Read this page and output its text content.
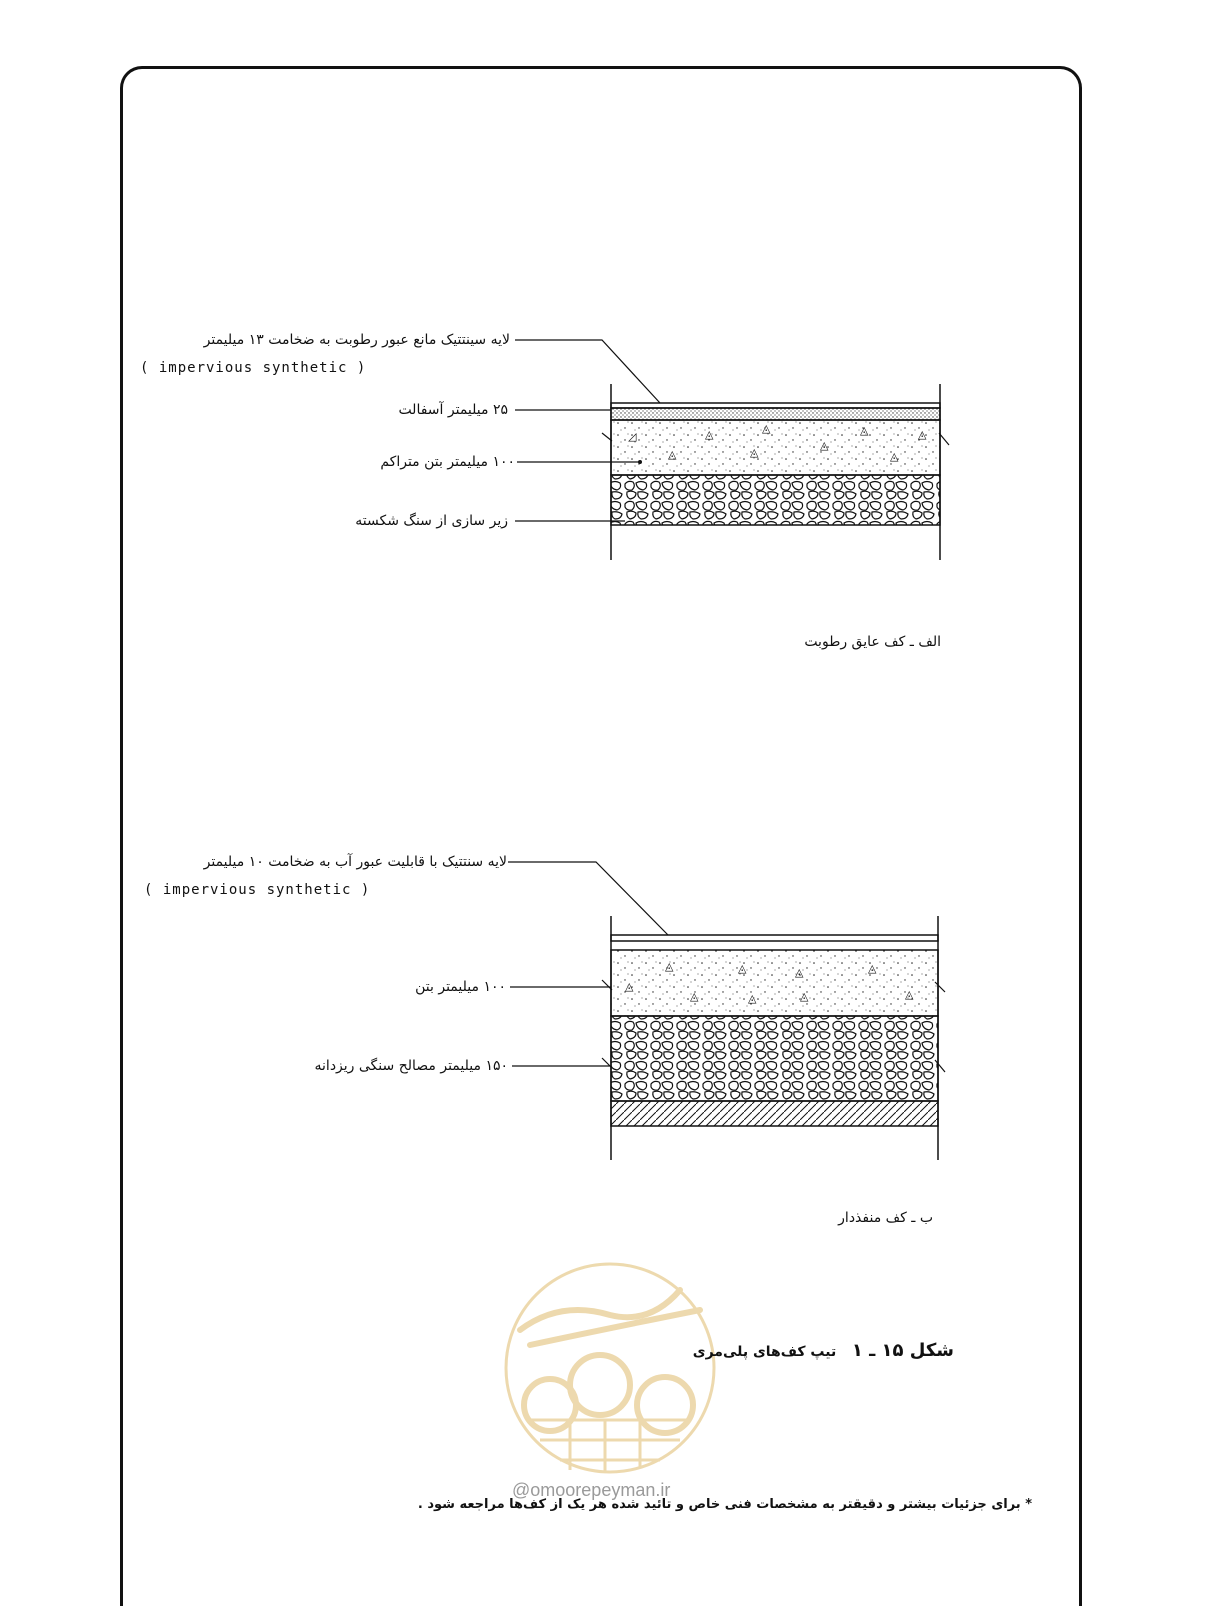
◿	◬	◬
◬
◬	◬
◬	◬	◬
◬	◬	◬	◬
◬
◬	◬	◬	◬
لایه سینتتیک مانع عبور رطوبت به ضخامت ۱۳ میلیمتر
( impervious synthetic )
۲۵ میلیمتر آسفالت
۱۰۰ میلیمتر بتن متراکم
زیر سازی از سنگ شکسته
الف ـ کف عایق رطوبت
لایه سنتتیک با قابلیت عبور آب به ضخامت ۱۰ میلیمتر
( impervious synthetic )
۱۰۰ میلیمتر بتن
۱۵۰ میلیمتر مصالح سنگی ریزدانه
ب ـ کف منفذدار
شکل ۱۵ ـ ۱ تیپ کف‌های پلی‌مری
@omoorepeyman.ir
* برای جزئیات بیشتر و دقیقتر به مشخصات فنی خاص و تائید شده هر یک از کف‌ها مراجعه شود .
